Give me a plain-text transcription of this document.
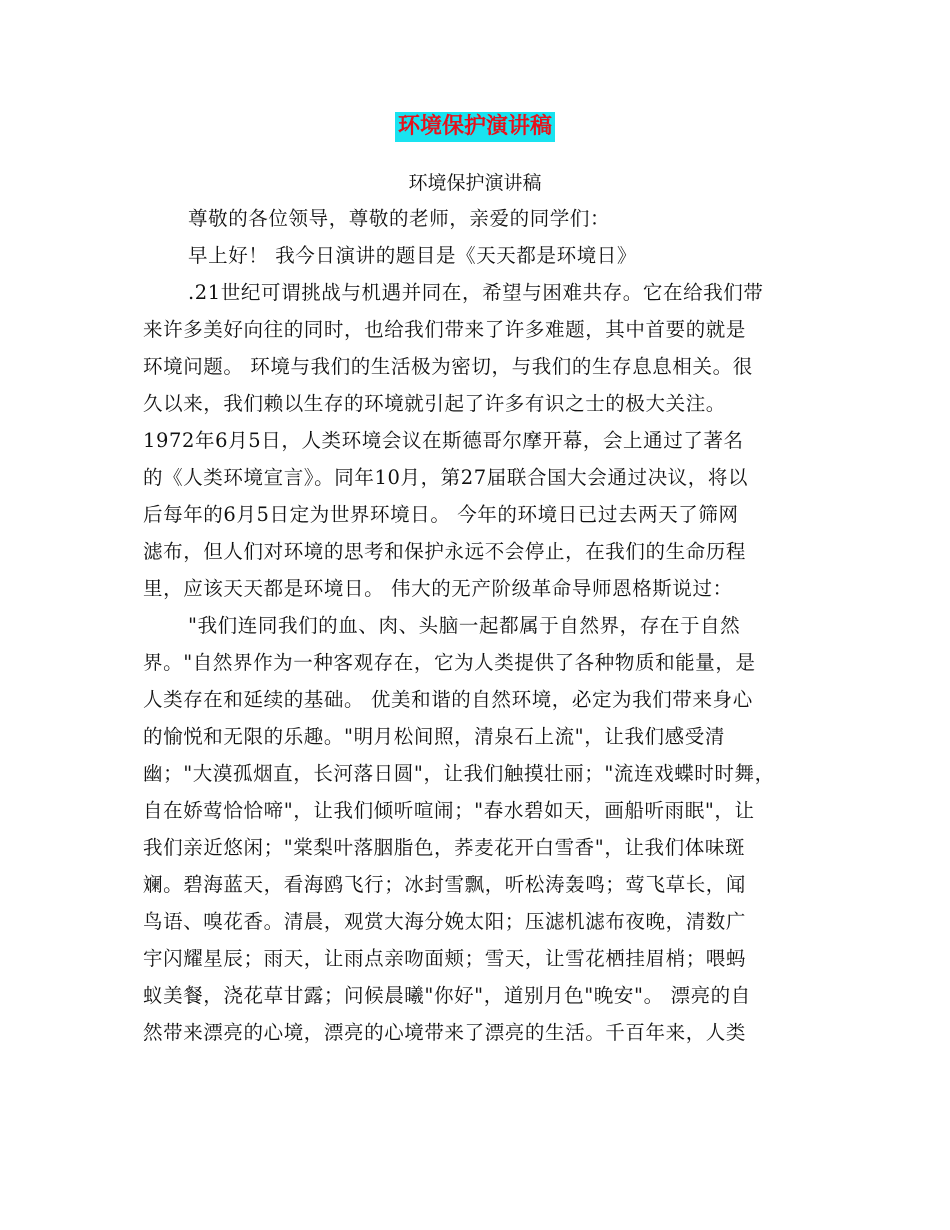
环境保护演讲稿
环境保护演讲稿
尊敬的各位领导，尊敬的老师，亲爱的同学们：
早上好！ 我今日演讲的题目是《天天都是环境日》
.21世纪可谓挑战与机遇并同在，希望与困难共存。它在给我们带
来许多美好向往的同时，也给我们带来了许多难题，其中首要的就是
环境问题。 环境与我们的生活极为密切，与我们的生存息息相关。很
久以来，我们赖以生存的环境就引起了许多有识之士的极大关注。
1972年6月5日，人类环境会议在斯德哥尔摩开幕，会上通过了著名
的《人类环境宣言》。同年10月，第27届联合国大会通过决议，将以
后每年的6月5日定为世界环境日。 今年的环境日已过去两天了筛网
滤布，但人们对环境的思考和保护永远不会停止，在我们的生命历程
里，应该天天都是环境日。 伟大的无产阶级革命导师恩格斯说过：
"我们连同我们的血、肉、头脑一起都属于自然界，存在于自然
界。"自然界作为一种客观存在，它为人类提供了各种物质和能量，是
人类存在和延续的基础。 优美和谐的自然环境，必定为我们带来身心
的愉悦和无限的乐趣。"明月松间照，清泉石上流"，让我们感受清
幽；"大漠孤烟直，长河落日圆"，让我们触摸壮丽；"流连戏蝶时时舞，
自在娇莺恰恰啼"，让我们倾听喧闹；"春水碧如天，画船听雨眠"，让
我们亲近悠闲；"棠梨叶落胭脂色，荞麦花开白雪香"，让我们体味斑
斓。碧海蓝天，看海鸥飞行；冰封雪飘，听松涛轰鸣；莺飞草长，闻
鸟语、嗅花香。清晨，观赏大海分娩太阳；压滤机滤布夜晚，清数广
宇闪耀星辰；雨天，让雨点亲吻面颊；雪天，让雪花栖挂眉梢；喂蚂
蚁美餐，浇花草甘露；问候晨曦"你好"，道别月色"晚安"。 漂亮的自
然带来漂亮的心境，漂亮的心境带来了漂亮的生活。千百年来，人类
